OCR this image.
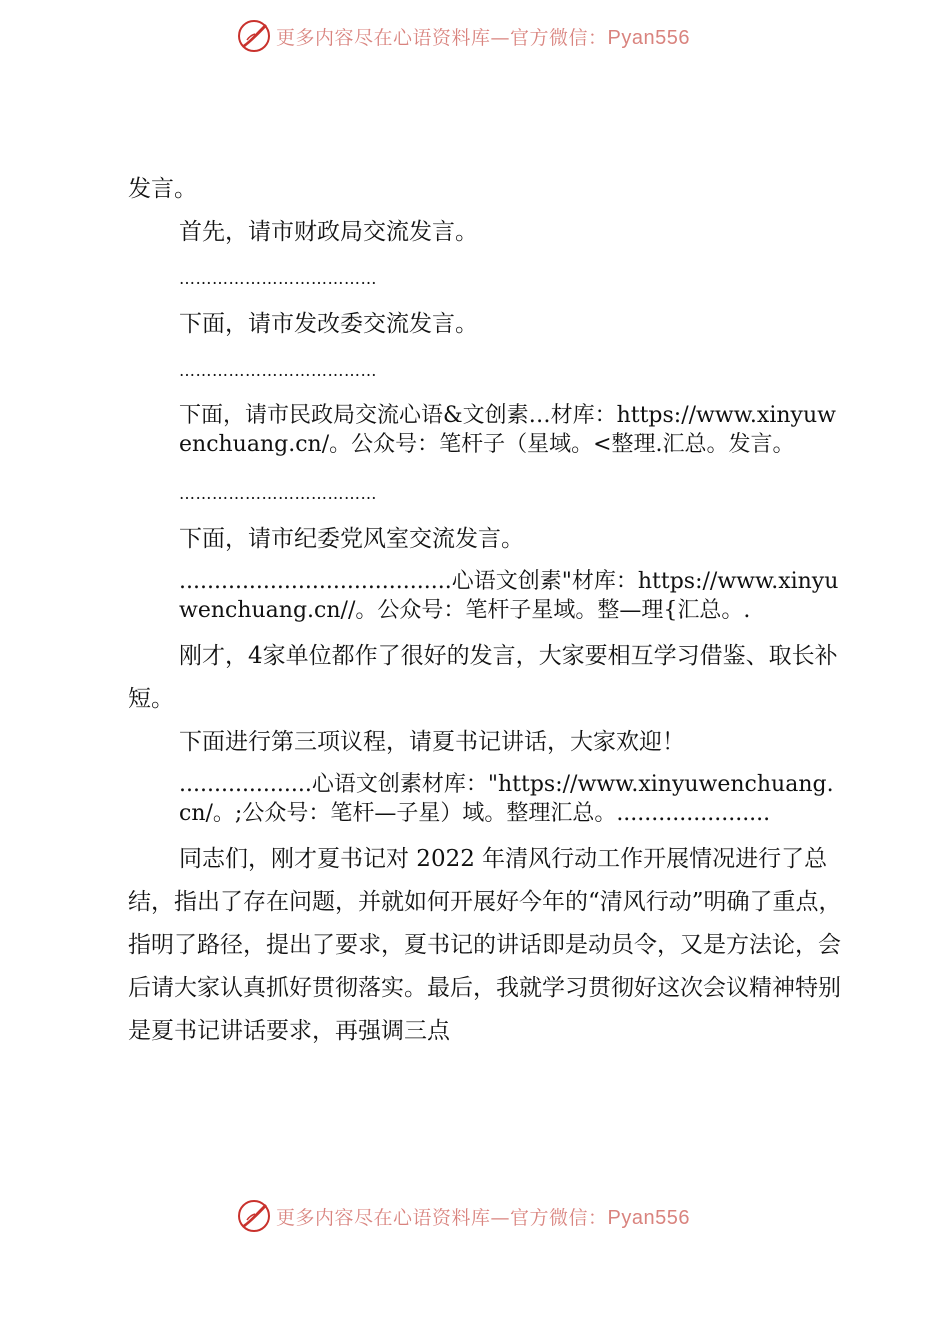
更多内容尽在心语资料库—官方微信：Pyan556

发言。

首先，请市财政局交流发言。

………………………………

下面，请市发改委交流发言。

………………………………

下面，请市民政局交流心语&文创素…材库：https://www.xinyuwenchuang.cn/。公众号：笔杆子（星域。<整理.汇总。发言。

………………………………

下面，请市纪委党风室交流发言。

.......................................心语文创素"材库：https://www.xinyuwenchuang.cn//。公众号：笔杆子星域。整—理{汇总。.

刚才，4家单位都作了很好的发言，大家要相互学习借鉴、取长补短。

下面进行第三项议程，请夏书记讲话，大家欢迎！

...................心语文创素材库："https://www.xinyuwenchuang.cn/。;公众号：笔杆—子星）域。整理汇总。......................

同志们，刚才夏书记对 2022 年清风行动工作开展情况进行了总结，指出了存在问题，并就如何开展好今年的“清风行动”明确了重点，指明了路径，提出了要求，夏书记的讲话即是动员令，又是方法论，会后请大家认真抓好贯彻落实。最后，我就学习贯彻好这次会议精神特别是夏书记讲话要求，再强调三点

更多内容尽在心语资料库—官方微信：Pyan556
